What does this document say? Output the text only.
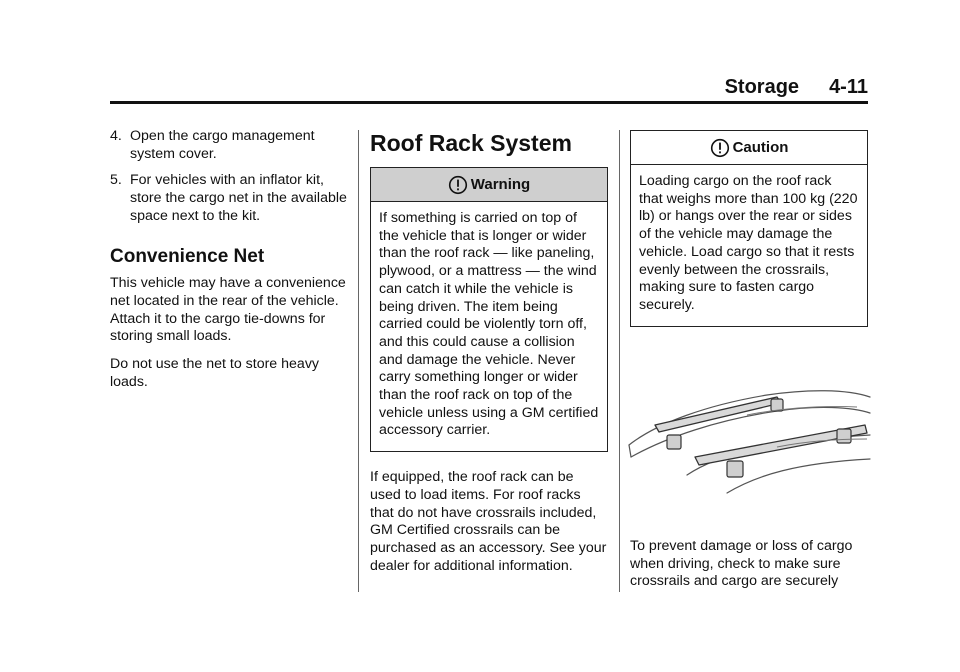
Storage 4-11
4. Open the cargo management system cover.
5. For vehicles with an inflator kit, store the cargo net in the available space next to the kit.
Convenience Net

This vehicle may have a convenience net located in the rear of the vehicle. Attach it to the cargo tie-downs for storing small loads.

Do not use the net to store heavy loads.

Roof Rack System
Warning
If something is carried on top of the vehicle that is longer or wider than the roof rack — like paneling, plywood, or a mattress — the wind can catch it while the vehicle is being driven. The item being carried could be violently torn off, and this could cause a collision and damage the vehicle. Never carry something longer or wider than the roof rack on top of the vehicle unless using a GM certified accessory carrier.

If equipped, the roof rack can be used to load items. For roof racks that do not have crossrails included, GM Certified crossrails can be purchased as an accessory. See your dealer for additional information.

Caution
Loading cargo on the roof rack that weighs more than 100 kg (220 lb) or hangs over the rear or sides of the vehicle may damage the vehicle. Load cargo so that it rests evenly between the crossrails, making sure to fasten cargo securely.

To prevent damage or loss of cargo when driving, check to make sure crossrails and cargo are securely
